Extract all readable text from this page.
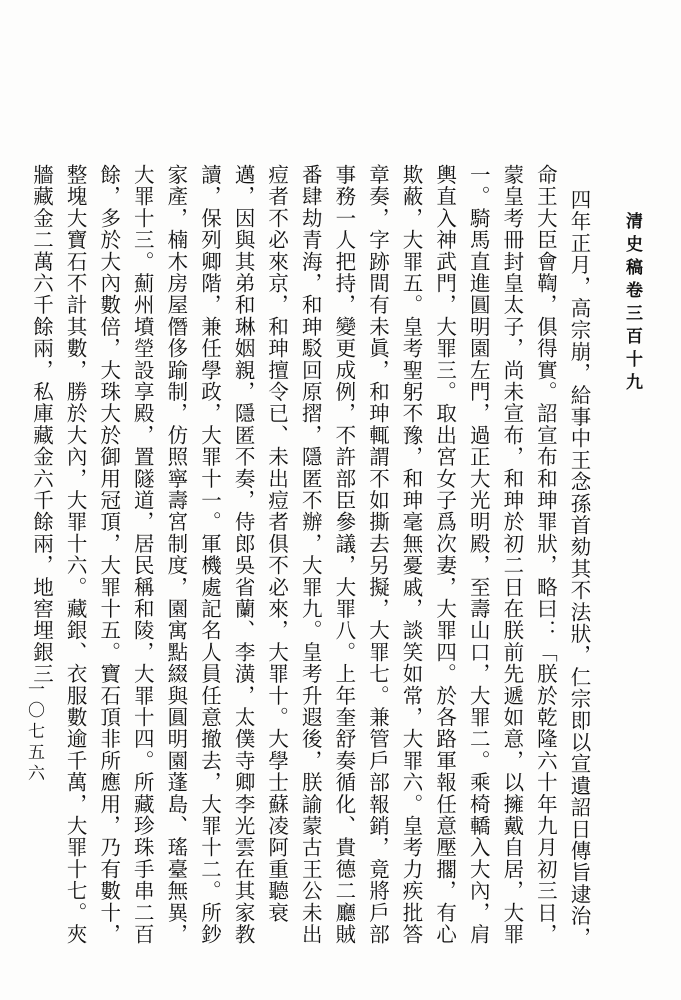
清史稿卷三百十九
一〇七五六	四年正月，高宗崩，給事中王念孫首劾其不法狀，仁宗即以宣遺詔日傳旨逮治，命王大臣會鞫，俱得實。詔宣布和珅罪狀，略曰：「朕於乾隆六十年九月初三日，蒙皇考冊封皇太子，尚未宣布，和珅於初二日在朕前先遞如意，以擁戴自居，大罪一。騎馬直進圓明園左門，過正大光明殿，至壽山口，大罪二。乘椅轎入大內，肩輿直入神武門，大罪三。取出宮女子爲次妻，大罪四。於各路軍報任意壓擱，有心欺蔽，大罪五。皇考聖躬不豫，和珅毫無憂戚，談笑如常，大罪六。皇考力疾批答章奏，字跡間有未眞，和珅輒謂不如撕去另擬，大罪七。兼管戶部報銷，竟將戶部事務一人把持，變更成例，不許部臣參議，大罪八。上年奎舒奏循化、貴德二廳賊番肆劫青海，和珅駁回原摺，隱匿不辦，大罪九。皇考升遐後，朕諭蒙古王公未出痘者不必來京，和珅擅令已、未出痘者俱不必來，大罪十。大學士蘇凌阿重聽衰邁，因與其弟和琳姻親，隱匿不奏，侍郎吳省蘭、李潢，太僕寺卿李光雲在其家教讀，保列卿階，兼任學政，大罪十一。軍機處記名人員任意撤去，大罪十二。所鈔家產，楠木房屋僭侈踰制，仿照寧壽宮制度，園寓點綴與圓明園蓬島、瑤臺無異，大罪十三。薊州墳塋設享殿，置隧道，居民稱和陵，大罪十四。所藏珍珠手串二百餘，多於大內數倍，大珠大於御用冠頂，大罪十五。寶石頂非所應用，乃有數十，整塊大寶石不計其數，勝於大內，大罪十六。藏銀、衣服數逾千萬，大罪十七。夾牆藏金二萬六千餘兩，私庫藏金六千餘兩，地窖埋銀三
